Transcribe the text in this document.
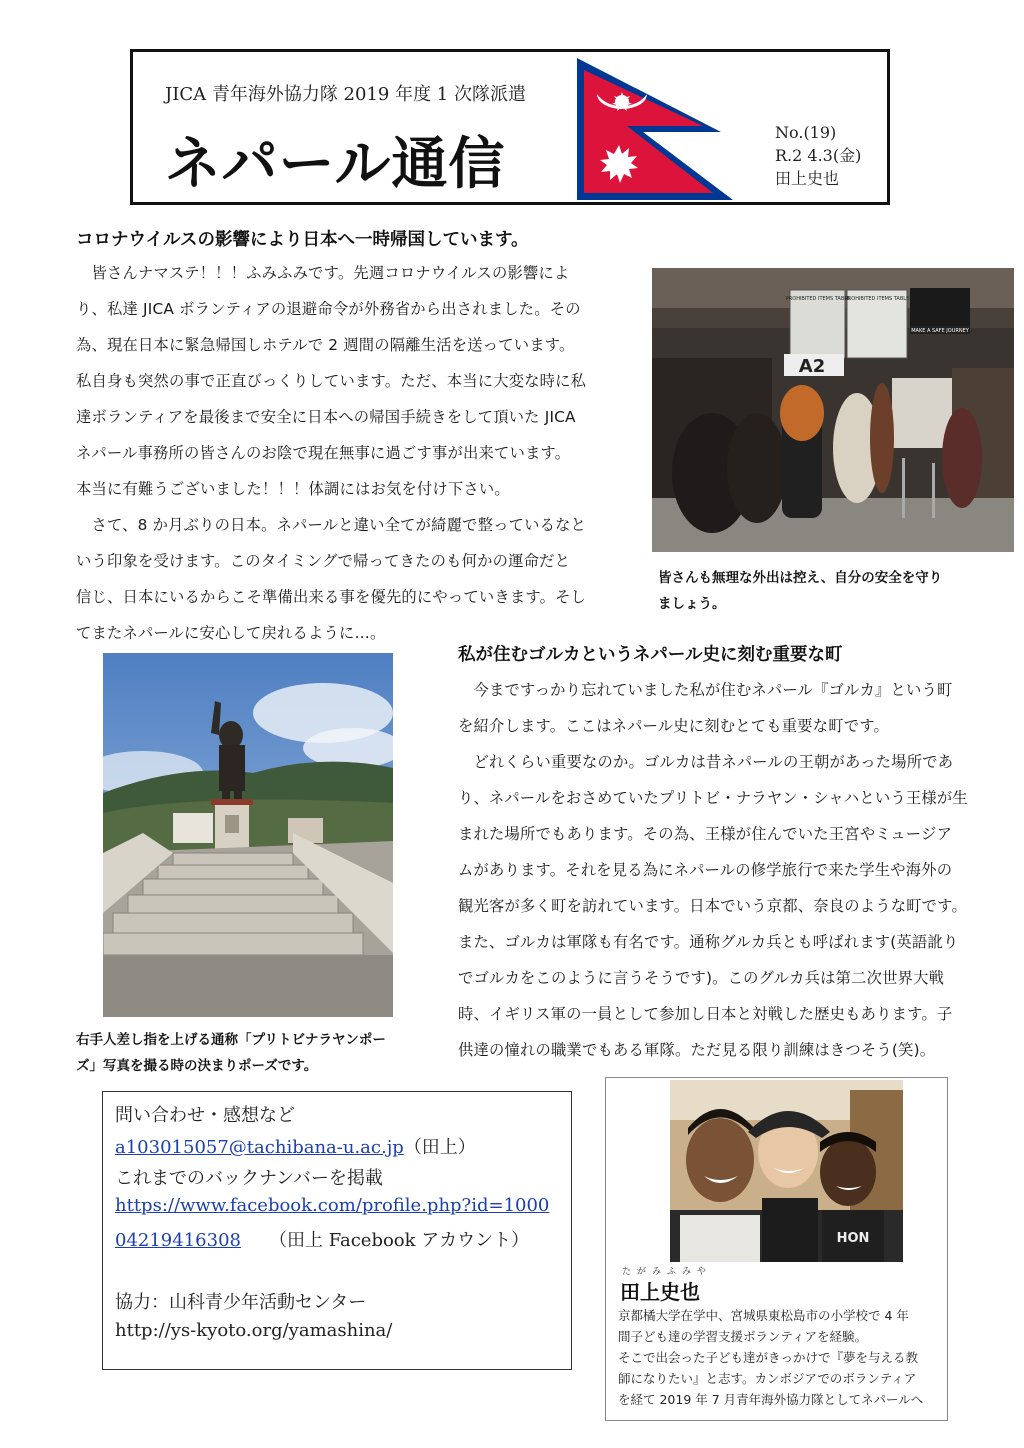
JICA 青年海外協力隊 2019 年度 1 次隊派遣
ネパール通信	No.(19)
R.2 4.3(金)
田上史也
コロナウイルスの影響により日本へ一時帰国しています。
　皆さんナマステ！！！ふみふみです。先週コロナウイルスの影響によ
り、私達 JICA ボランティアの退避命令が外務省から出されました。その
為、現在日本に緊急帰国しホテルで 2 週間の隔離生活を送っています。
私自身も突然の事で正直びっくりしています。ただ、本当に大変な時に私
達ボランティアを最後まで安全に日本への帰国手続きをして頂いた JICA
ネパール事務所の皆さんのお陰で現在無事に過ごす事が出来ています。
本当に有難うございました！！！体調にはお気を付け下さい。
　さて、8 か月ぶりの日本。ネパールと違い全てが綺麗で整っているなと
いう印象を受けます。このタイミングで帰ってきたのも何かの運命だと
信じ、日本にいるからこそ準備出来る事を優先的にやっていきます。そし
てまたネパールに安心して戻れるように…。
PROHIBITED ITEMS TABLE
PROHIBITED ITEMS TABLE
MAKE A SAFE JOURNEY
A2
皆さんも無理な外出は控え、自分の安全を守り
ましょう。
私が住むゴルカというネパール史に刻む重要な町
　今まですっかり忘れていました私が住むネパール『ゴルカ』という町
を紹介します。ここはネパール史に刻むとても重要な町です。
　どれくらい重要なのか。ゴルカは昔ネパールの王朝があった場所であ
り、ネパールをおさめていたプリトビ・ナラヤン・シャハという王様が生
まれた場所でもあります。その為、王様が住んでいた王宮やミュージア
ムがあります。それを見る為にネパールの修学旅行で来た学生や海外の
観光客が多く町を訪れています。日本でいう京都、奈良のような町です。
また、ゴルカは軍隊も有名です。通称グルカ兵とも呼ばれます(英語訛り
でゴルカをこのように言うそうです)。このグルカ兵は第二次世界大戦
時、イギリス軍の一員として参加し日本と対戦した歴史もあります。子
供達の憧れの職業でもある軍隊。ただ見る限り訓練はきつそう(笑)。
右手人差し指を上げる通称「プリトビナラヤンポー
ズ」写真を撮る時の決まりポーズです。
問い合わせ・感想など
a103015057@tachibana-u.ac.jp（田上）
これまでのバックナンバーを掲載
https://www.facebook.com/profile.php?id=1000
04219416308 （田上 Facebook アカウント）
協力：山科青少年活動センター
http://ys-kyoto.org/yamashina/
HON
たがみふみや
田上史也
京都橘大学在学中、宮城県東松島市の小学校で 4 年
間子ども達の学習支援ボランティアを経験。
そこで出会った子ども達がきっかけで『夢を与える教
師になりたい』と志す。カンボジアでのボランティア
を経て 2019 年 7 月青年海外協力隊としてネパールへ
